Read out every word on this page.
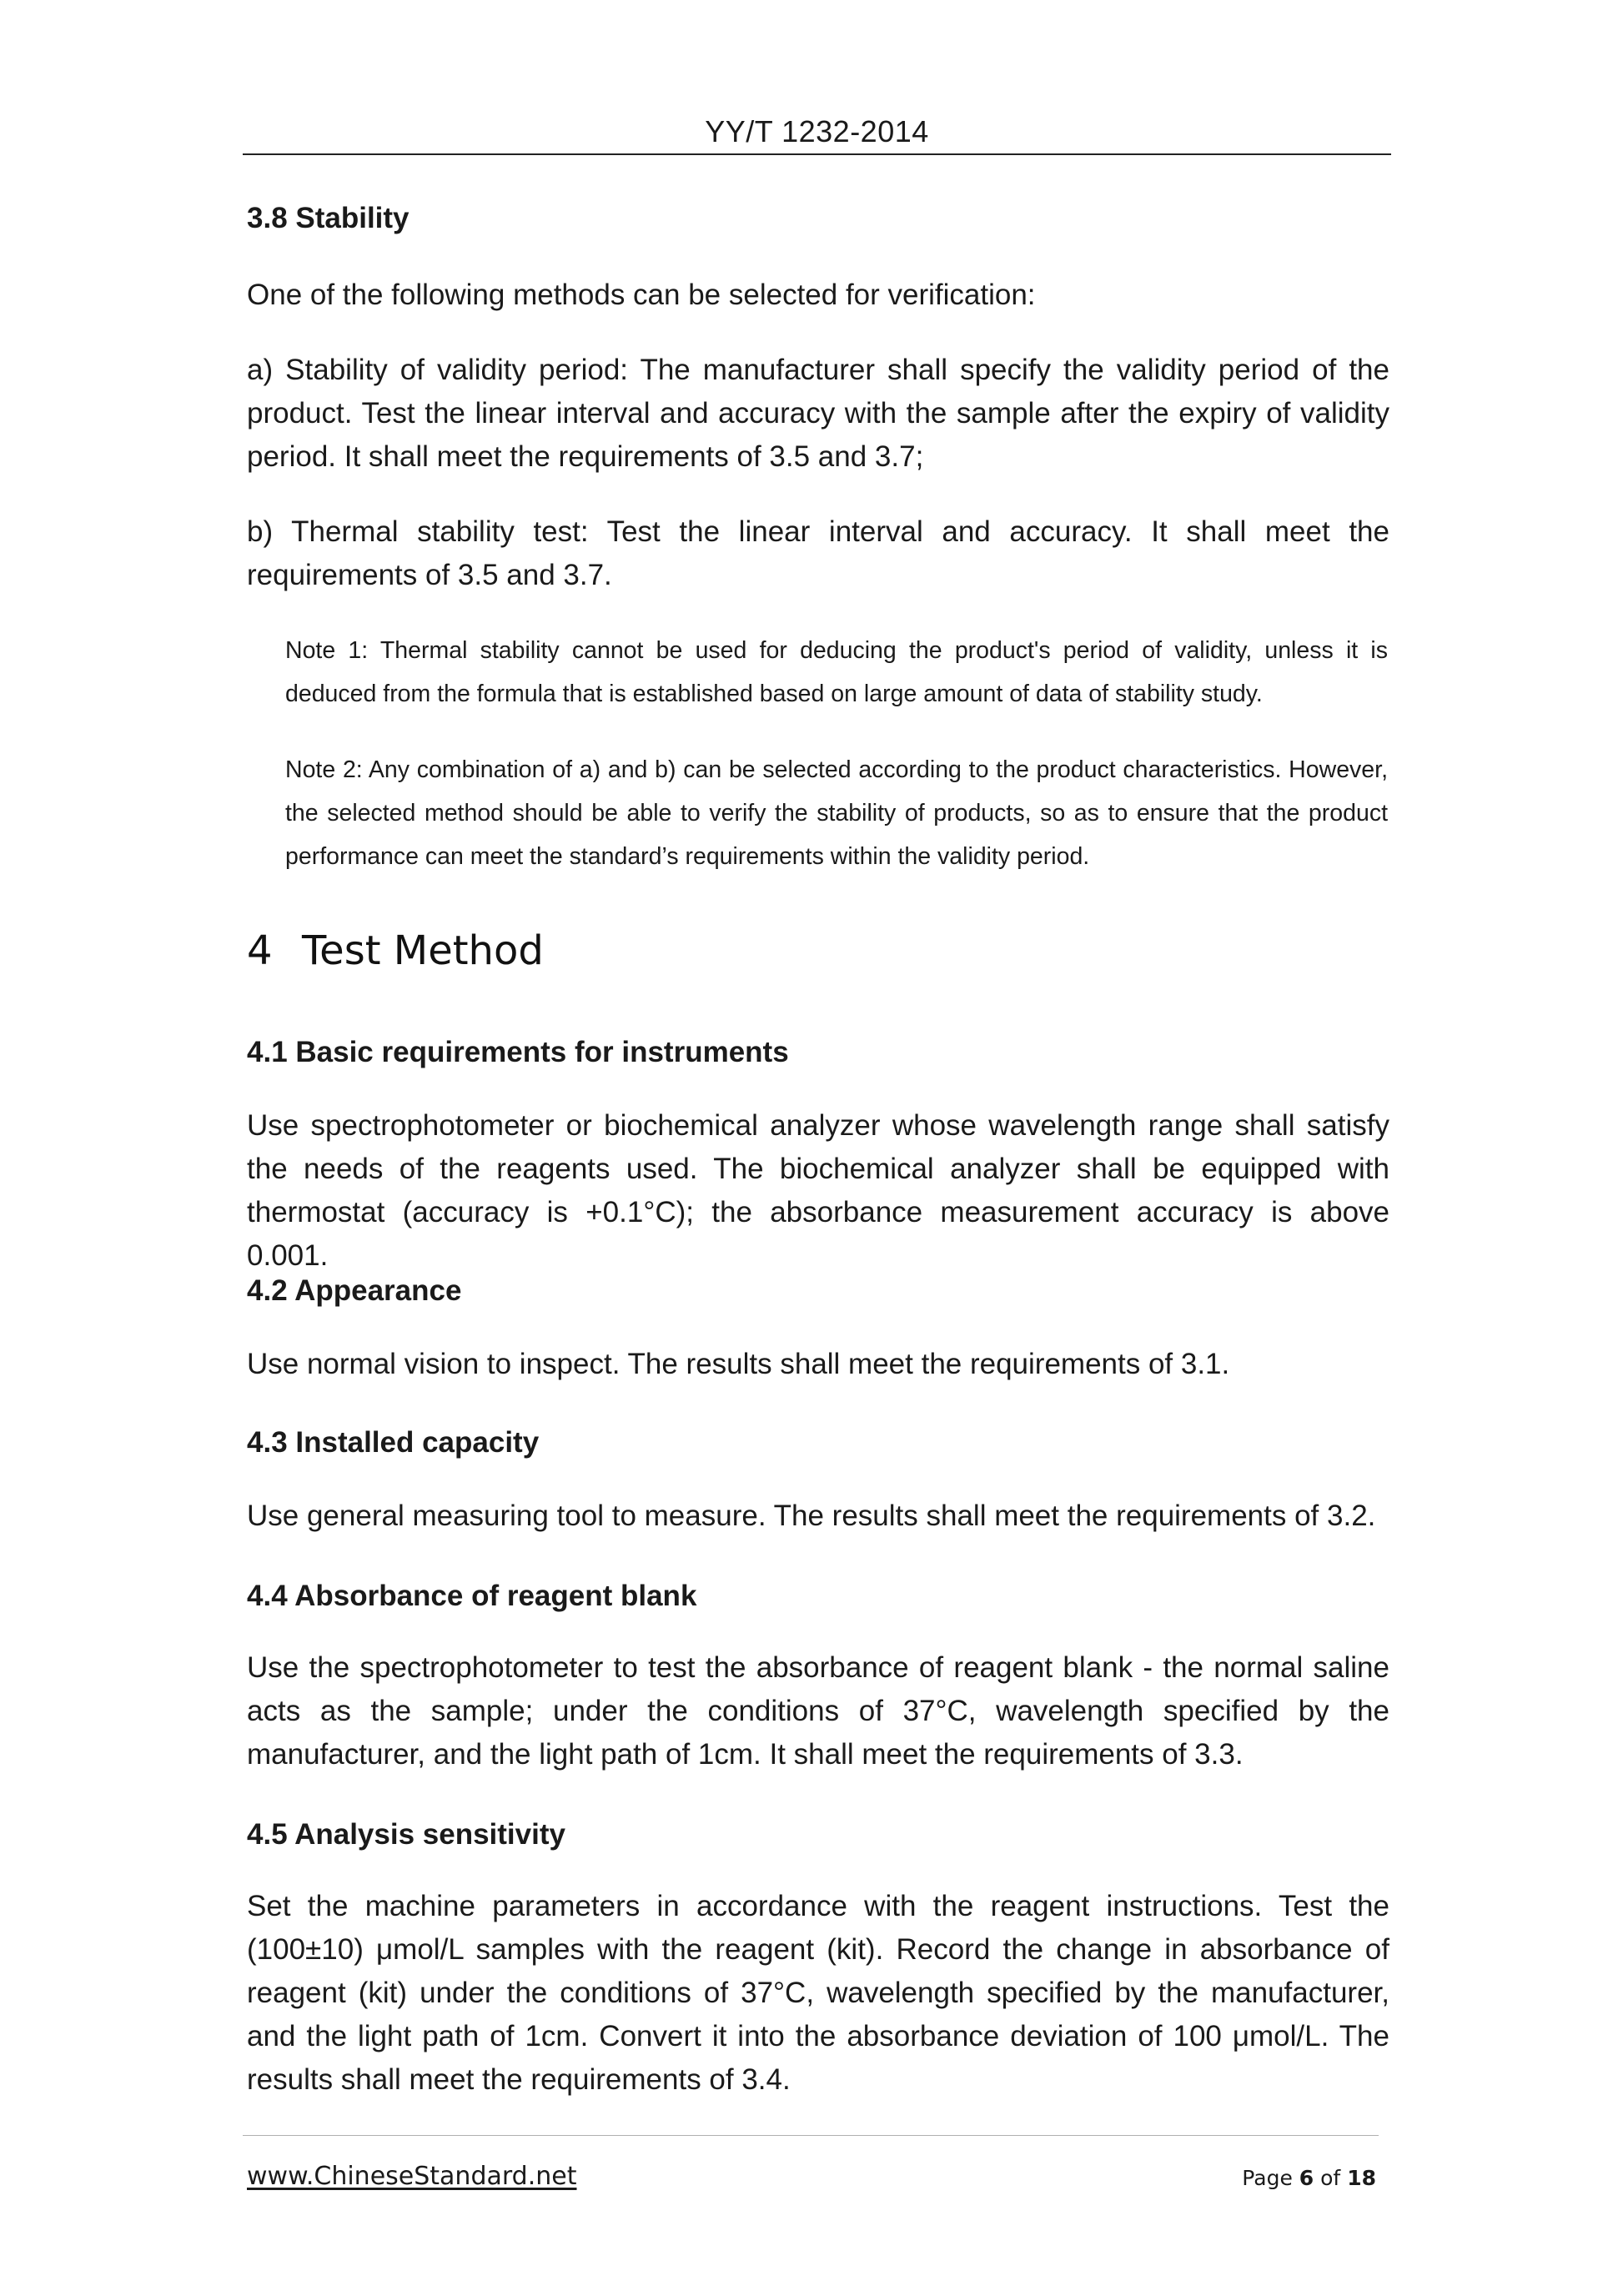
YY/T 1232-2014
3.8 Stability

One of the following methods can be selected for verification:

a) Stability of validity period: The manufacturer shall specify the validity period of the product. Test the linear interval and accuracy with the sample after the expiry of validity period. It shall meet the requirements of 3.5 and 3.7;

b) Thermal stability test: Test the linear interval and accuracy. It shall meet the requirements of 3.5 and 3.7.

Note 1: Thermal stability cannot be used for deducing the product's period of validity, unless it is deduced from the formula that is established based on large amount of data of stability study.

Note 2: Any combination of a) and b) can be selected according to the product characteristics. However, the selected method should be able to verify the stability of products, so as to ensure that the product performance can meet the standard’s requirements within the validity period.

4 Test Method
4.1 Basic requirements for instruments

Use spectrophotometer or biochemical analyzer whose wavelength range shall satisfy the needs of the reagents used. The biochemical analyzer shall be equipped with thermostat (accuracy is +0.1°C); the absorbance measurement accuracy is above 0.001.

4.2 Appearance

Use normal vision to inspect. The results shall meet the requirements of 3.1.

4.3 Installed capacity

Use general measuring tool to measure. The results shall meet the requirements of 3.2.

4.4 Absorbance of reagent blank

Use the spectrophotometer to test the absorbance of reagent blank - the normal saline acts as the sample; under the conditions of 37°C, wavelength specified by the manufacturer, and the light path of 1cm. It shall meet the requirements of 3.3.

4.5 Analysis sensitivity

Set the machine parameters in accordance with the reagent instructions. Test the (100±10) μmol/L samples with the reagent (kit). Record the change in absorbance of reagent (kit) under the conditions of 37°C, wavelength specified by the manufacturer, and the light path of 1cm. Convert it into the absorbance deviation of 100 μmol/L. The results shall meet the requirements of 3.4.

www.ChineseStandard.net	Page 6 of 18
